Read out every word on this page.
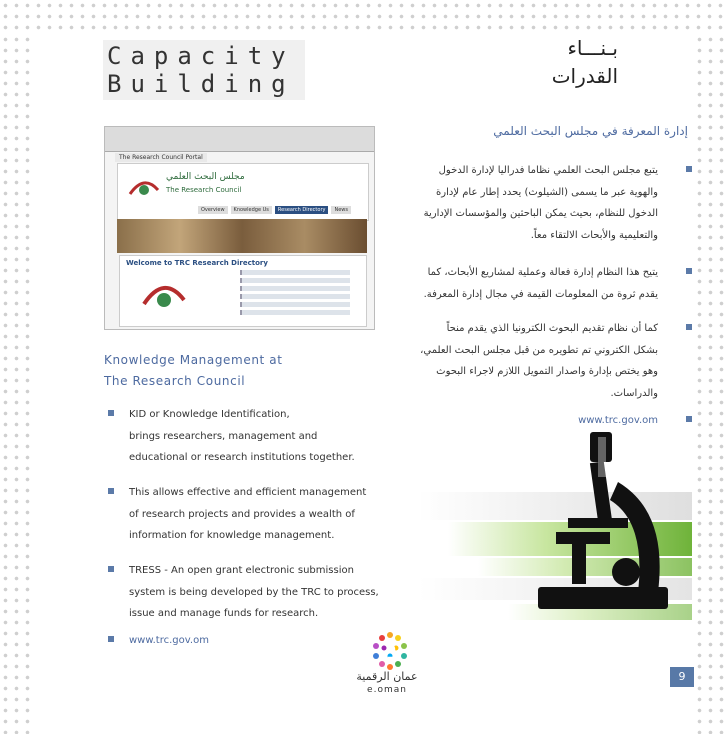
Capacity
Building
بـنـــاء
القدرات
The Research Council Portal
مجلس البحث العلمي
The Research Council
Overview	Knowledge Us	Research Directory	News
Welcome to TRC Research Directory
Knowledge Management at
The Research Council
KID or Knowledge Identification,
brings researchers, management and
educational or research institutions together.
This allows effective and efficient management
of research projects and provides a wealth of
information for knowledge management.
TRESS - An open grant electronic submission
system is being developed by the TRC to process,
issue and manage funds for research.
www.trc.gov.om
إدارة المعرفة في مجلس البحث العلمي
يتبع مجلس البحث العلمي نظاما فدراليا لإدارة الدخول
والهوية عبر ما يسمى (الشيلوث) يحدد إطار عام لإدارة
الدخول للنظام، بحيث يمكن الباحثين والمؤسسات الإدارية
والتعليمية والأبحاث الالتقاء معاً.
يتيح هذا النظام إدارة فعالة وعملية لمشاريع الأبحاث، كما
يقدم ثروة من المعلومات القيمة في مجال إدارة المعرفة.
كما أن نظام تقديم البحوث الكترونيا الذي يقدم منحاً
بشكل الكتروني تم تطويره من قبل مجلس البحث العلمي،
وهو يختص بإدارة واصدار التمويل اللازم لاجراء البحوث
والدراسات.
www.trc.gov.om
عمان الرقمية
e.oman
9
